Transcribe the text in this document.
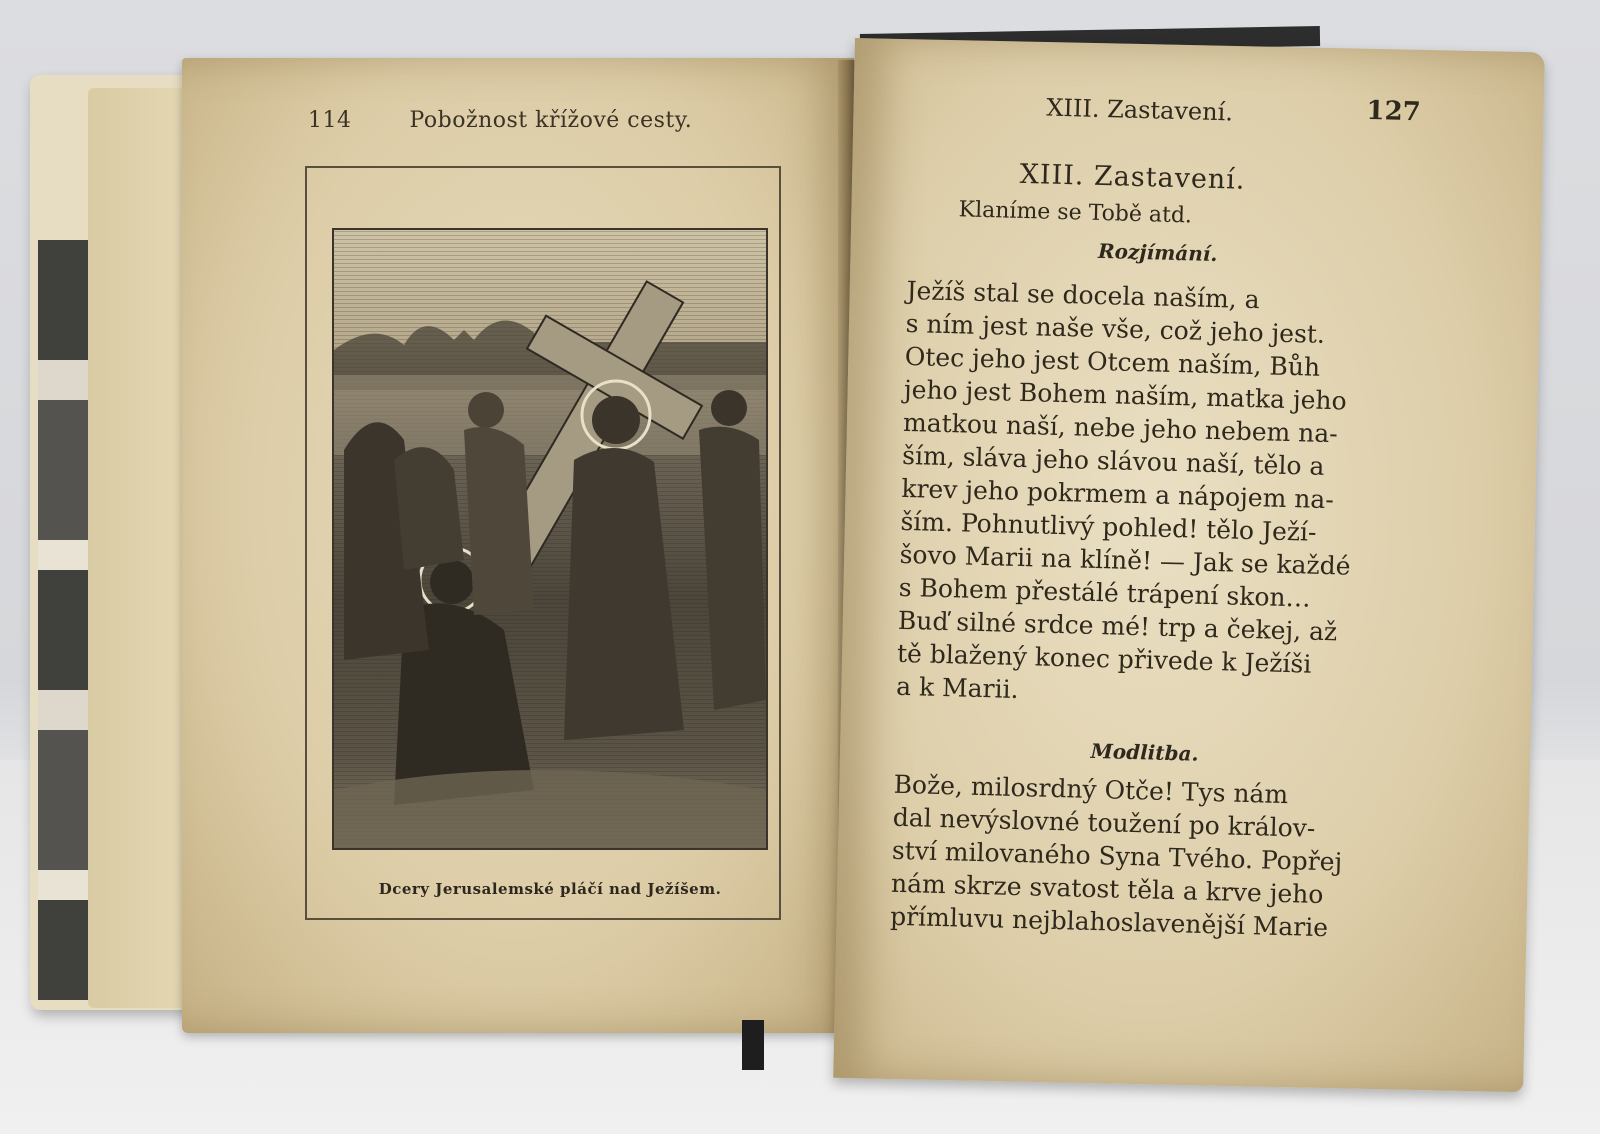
114	Pobožnost křížové cesty.
Dcery Jerusalemské pláčí nad Ježíšem.
XIII. Zastavení.	127
XIII. Zastavení.
Klaníme se Tobě atd.
Rozjímání.
Ježíš stal se docela naším, a
s ním jest naše vše, což jeho jest.
Otec jeho jest Otcem naším, Bůh
jeho jest Bohem naším, matka jeho
matkou naší, nebe jeho nebem na-
ším, sláva jeho slávou naší, tělo a
krev jeho pokrmem a nápojem na-
ším. Pohnutlivý pohled! tělo Ježí-
šovo Marii na klíně! — Jak se každé
s Bohem přestálé trápení skon…
Buď silné srdce mé! trp a čekej, až
tě blažený konec přivede k Ježíši
a k Marii.
Modlitba.
Bože, milosrdný Otče! Tys nám
dal nevýslovné toužení po králov-
ství milovaného Syna Tvého. Popřej
nám skrze svatost těla a krve jeho
přímluvu nejblahoslavenější Marie
